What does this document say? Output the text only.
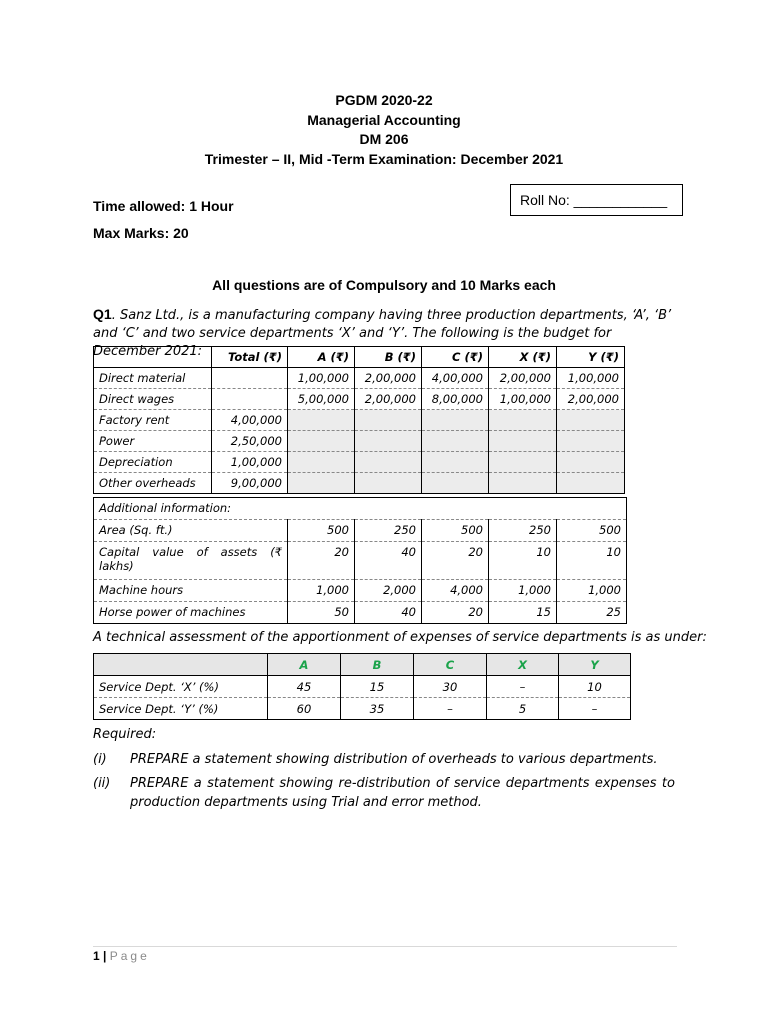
PGDM 2020-22
Managerial Accounting
DM 206
Trimester – II, Mid -Term Examination: December 2021
Roll No: ____________
Time allowed: 1 Hour
Max Marks: 20
All questions are of Compulsory and 10 Marks each
Q1. Sanz Ltd., is a manufacturing company having three production departments, ‘A’, ‘B’ and ‘C’ and two service departments ‘X’ and ‘Y’. The following is the budget for December 2021:
		Total (₹)	A (₹)	B (₹)	C (₹)	X (₹)	Y (₹)
Direct material		1,00,000	2,00,000	4,00,000	2,00,000	1,00,000
Direct wages		5,00,000	2,00,000	8,00,000	1,00,000	2,00,000
Factory rent	4,00,000					
Power	2,50,000					
Depreciation	1,00,000					
Other overheads	9,00,000					
Additional information:					
Area (Sq. ft.)	500	250	500	250	500
Capital value of assets (₹ lakhs)	20	40	20	10	10
Machine hours	1,000	2,000	4,000	1,000	1,000
Horse power of machines	50	40	20	15	25
A technical assessment of the apportionment of expenses of service departments is as under:
	A	B	C	X	Y
Service Dept. ‘X’ (%)	45	15	30	–	10
Service Dept. ‘Y’ (%)	60	35	–	5	–
Required:
(i) PREPARE a statement showing distribution of overheads to various departments.
(ii) PREPARE a statement showing re-distribution of service departments expenses to production departments using Trial and error method.
1 | Page
